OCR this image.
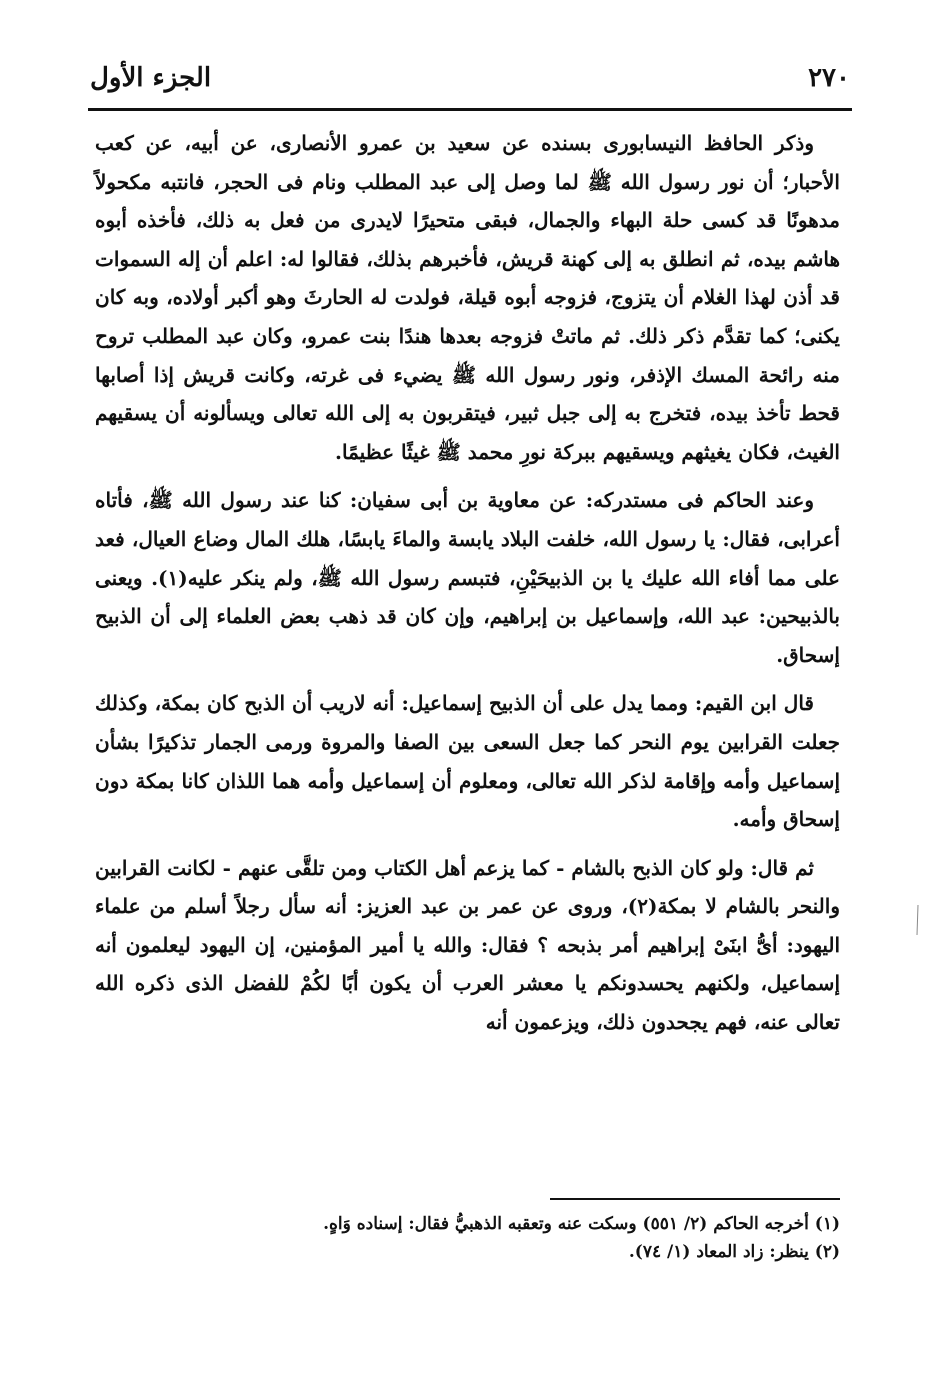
٢٧٠
الجزء الأول

وذكر الحافظ النيسابورى بسنده عن سعيد بن عمرو الأنصارى، عن أبيه، عن كعب الأحبار؛ أن نور رسول الله ﷺ لما وصل إلى عبد المطلب ونام فى الحجر، فانتبه مكحولاً مدهونًا قد كسى حلة البهاء والجمال، فبقى متحيرًا لايدرى من فعل به ذلك، فأخذه أبوه هاشم بيده، ثم انطلق به إلى كهنة قريش، فأخبرهم بذلك، فقالوا له: اعلم أن إله السموات قد أذن لهذا الغلام أن يتزوج، فزوجه أبوه قيلة، فولدت له الحارثَ وهو أكبر أولاده، وبه كان يكنى؛ كما تقدَّم ذكر ذلك. ثم ماتتْ فزوجه بعدها هندًا بنت عمرو، وكان عبد المطلب تروح منه رائحة المسك الإذفر، ونور رسول الله ﷺ يضيء فى غرته، وكانت قريش إذا أصابها قحط تأخذ بيده، فتخرج به إلى جبل ثبير، فيتقربون به إلى الله تعالى ويسألونه أن يسقيهم الغيث، فكان يغيثهم ويسقيهم ببركة نورِ محمد ﷺ غيثًا عظيمًا.

وعند الحاكم فى مستدركه: عن معاوية بن أبى سفيان: كنا عند رسول الله ﷺ، فأتاه أعرابى، فقال: يا رسول الله، خلفت البلاد يابسة والماءَ يابسًا، هلك المال وضاع العيال، فعد على مما أفاء الله عليك يا بن الذبيحَيْنِ، فتبسم رسول الله ﷺ، ولم ينكر عليه(١). ويعنى بالذبيحين: عبد الله، وإسماعيل بن إبراهيم، وإن كان قد ذهب بعض العلماء إلى أن الذبيح إسحاق.

قال ابن القيم: ومما يدل على أن الذبيح إسماعيل: أنه لاريب أن الذبح كان بمكة، وكذلك جعلت القرابين يوم النحر كما جعل السعى بين الصفا والمروة ورمى الجمار تذكيرًا بشأن إسماعيل وأمه وإقامة لذكر الله تعالى، ومعلوم أن إسماعيل وأمه هما اللذان كانا بمكة دون إسحاق وأمه.

ثم قال: ولو كان الذبح بالشام - كما يزعم أهل الكتاب ومن تلقَّى عنهم - لكانت القرابين والنحر بالشام لا بمكة(٢)، وروى عن عمر بن عبد العزيز: أنه سأل رجلاً أسلم من علماء اليهود: أىُّ ابنَىْ إبراهيم أمر بذبحه ؟ فقال: والله يا أمير المؤمنين، إن اليهود ليعلمون أنه إسماعيل، ولكنهم يحسدونكم يا معشر العرب أن يكون أبًا لكُمْ للفضل الذى ذكره الله تعالى عنه، فهم يجحدون ذلك، ويزعمون أنه

(١) أخرجه الحاكم (٢/ ٥٥١) وسكت عنه وتعقبه الذهبيُّ فقال: إسناده وَاهٍ.
(٢) ينظر: زاد المعاد (١/ ٧٤).
